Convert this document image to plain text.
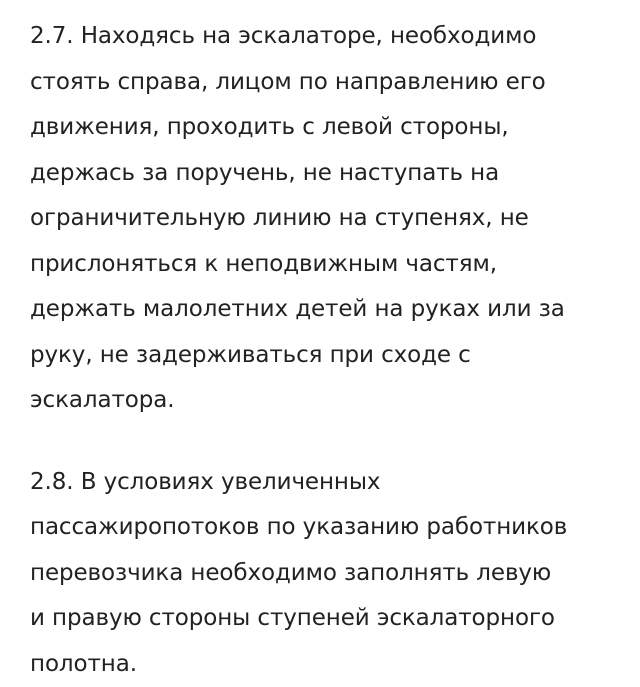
2.7. Находясь на эскалаторе, необходимо
стоять справа, лицом по направлению его
движения, проходить с левой стороны,
держась за поручень, не наступать на
ограничительную линию на ступенях, не
прислоняться к неподвижным частям,
держать малолетних детей на руках или за
руку, не задерживаться при сходе с
эскалатора.

2.8. В условиях увеличенных
пассажиропотоков по указанию работников
перевозчика необходимо заполнять левую
и правую стороны ступеней эскалаторного
полотна.
